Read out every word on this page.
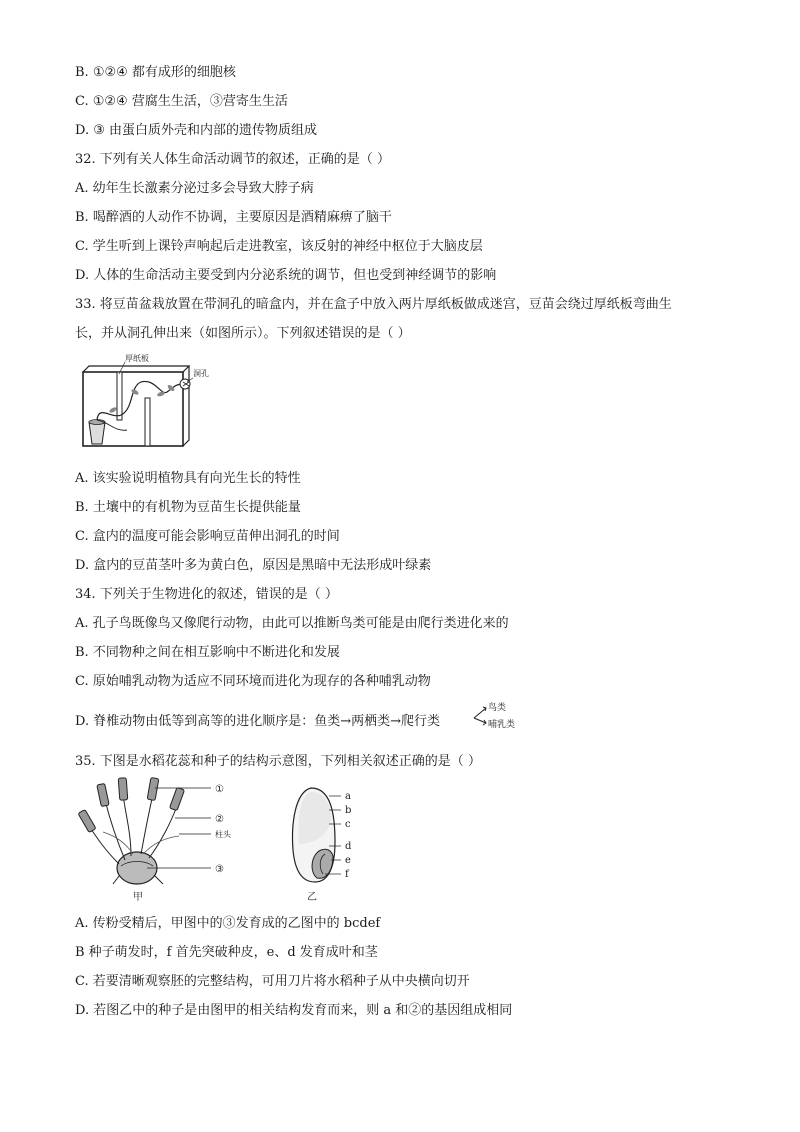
B. ①②④ 都有成形的细胞核
C. ①②④ 营腐生生活，③营寄生生活
D. ③ 由蛋白质外壳和内部的遗传物质组成
32. 下列有关人体生命活动调节的叙述，正确的是（ ）
A. 幼年生长激素分泌过多会导致大脖子病
B. 喝醉酒的人动作不协调，主要原因是酒精麻痹了脑干
C. 学生听到上课铃声响起后走进教室，该反射的神经中枢位于大脑皮层
D. 人体的生命活动主要受到内分泌系统的调节，但也受到神经调节的影响
33. 将豆苗盆栽放置在带洞孔的暗盒内，并在盒子中放入两片厚纸板做成迷宫，豆苗会绕过厚纸板弯曲生
长，并从洞孔伸出来（如图所示）。下列叙述错误的是（ ）
厚纸板
洞孔
A. 该实验说明植物具有向光生长的特性
B. 土壤中的有机物为豆苗生长提供能量
C. 盒内的温度可能会影响豆苗伸出洞孔的时间
D. 盒内的豆苗茎叶多为黄白色，原因是黑暗中无法形成叶绿素
34. 下列关于生物进化的叙述，错误的是（ ）
A. 孔子鸟既像鸟又像爬行动物，由此可以推断鸟类可能是由爬行类进化来的
B. 不同物种之间在相互影响中不断进化和发展
C. 原始哺乳动物为适应不同环境而进化为现存的各种哺乳动物
D. 脊椎动物由低等到高等的进化顺序是：鱼类→两栖类→爬行类
鸟类
哺乳类
35. 下图是水稻花蕊和种子的结构示意图，下列相关叙述正确的是（ ）
①
②
柱头
③
甲
a
b
c
d
e
f
乙
A. 传粉受精后，甲图中的③发育成的乙图中的 bcdef
B 种子萌发时，f 首先突破种皮，e、d 发育成叶和茎
C. 若要清晰观察胚的完整结构，可用刀片将水稻种子从中央横向切开
D. 若图乙中的种子是由图甲的相关结构发育而来，则 a 和②的基因组成相同
